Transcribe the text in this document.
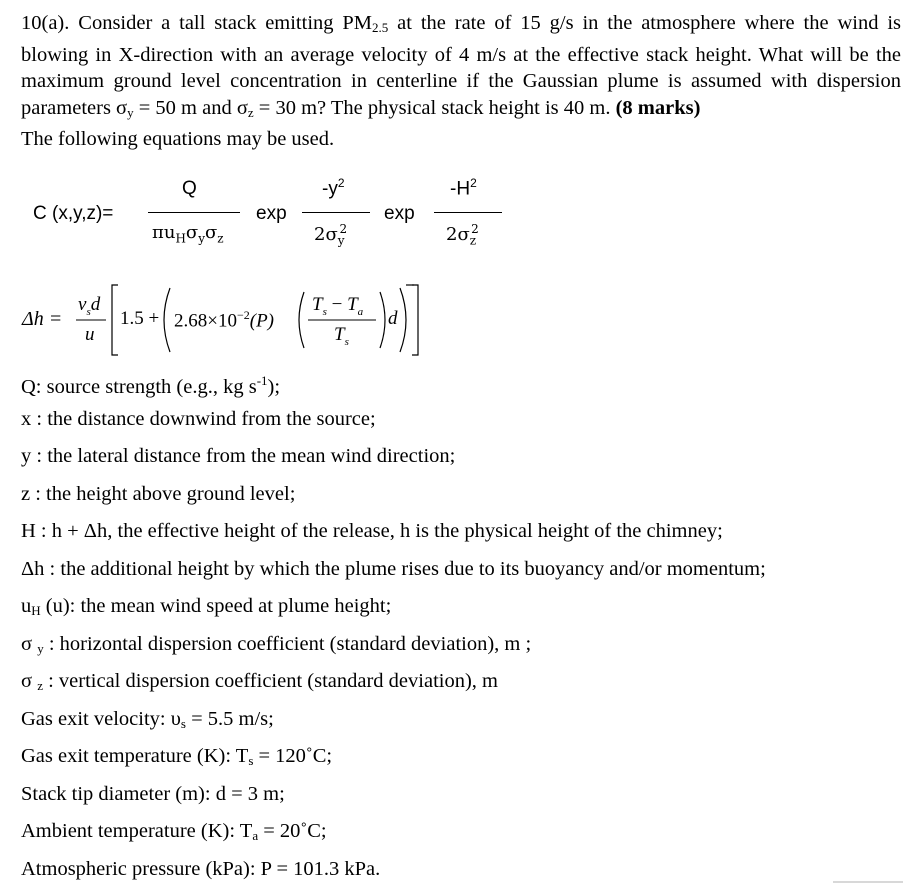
10(a). Consider a tall stack emitting $PM_{2.5}$ at the rate of 15 g/s in the atmosphere where the wind is blowing in X-direction with an average velocity of 4 m/s at the effective stack height. What will be the maximum ground level concentration in centerline if the Gaussian plume is assumed with dispersion parameters $\sigma_y = 50$ m and $\sigma_z = 30$ m? The physical stack height is 40 m. (8 marks)
The following equations may be used.
C (x,y,z)=
Q
$\pi u_H\sigma_y\sigma_z$
exp
$-y^2$
$2\sigma_y^2$
exp
$-H^2$
$2\sigma_z^2$
Δh =
$v_sd$
u
$1.5 + 2.68\times 10^{-2}(P)$
$T_s - T_a$
$T_s$
d
Q: source strength (e.g., kg $s^{-1}$);
x : the distance downwind from the source;
y : the lateral distance from the mean wind direction;
z : the height above ground level;
H : h + Δh, the effective height of the release, h is the physical height of the chimney;
Δh : the additional height by which the plume rises due to its buoyancy and/or momentum;
$u_H$ (u): the mean wind speed at plume height;
σ $_y$ : horizontal dispersion coefficient (standard deviation), m ;
σ $_z$ : vertical dispersion coefficient (standard deviation), m
Gas exit velocity: $\upsilon_s = 5.5$ m/s;
Gas exit temperature (K): $T_s$ = 120˚C;
Stack tip diameter (m): d = 3 m;
Ambient temperature (K): $T_a$ = 20˚C;
Atmospheric pressure (kPa): P = 101.3 kPa.
